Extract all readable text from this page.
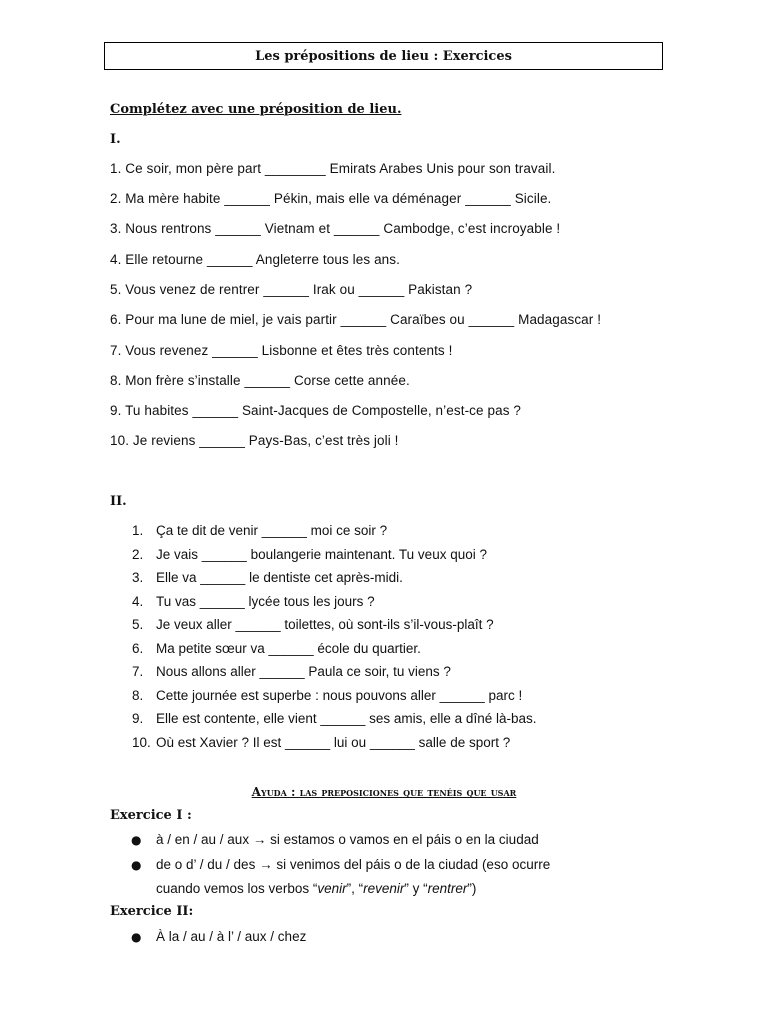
Les prépositions de lieu : Exercices
Complétez avec une préposition de lieu.
I.
1. Ce soir, mon père part ________ Emirats Arabes Unis pour son travail.
2. Ma mère habite ______ Pékin, mais elle va déménager ______ Sicile.
3. Nous rentrons ______ Vietnam et ______ Cambodge, c’est incroyable !
4. Elle retourne ______ Angleterre tous les ans.
5. Vous venez de rentrer ______ Irak ou ______ Pakistan ?
6. Pour ma lune de miel, je vais partir ______ Caraïbes ou ______ Madagascar !
7. Vous revenez ______ Lisbonne et êtes très contents !
8. Mon frère s’installe ______ Corse cette année.
9. Tu habites ______ Saint-Jacques de Compostelle, n’est-ce pas ?
10. Je reviens ______ Pays-Bas, c’est très joli !
II.
1. Ça te dit de venir ______ moi ce soir ?
2. Je vais ______ boulangerie maintenant. Tu veux quoi ?
3. Elle va ______ le dentiste cet après-midi.
4. Tu vas ______ lycée tous les jours ?
5. Je veux aller ______ toilettes, où sont-ils s’il-vous-plaît ?
6. Ma petite sœur va ______ école du quartier.
7. Nous allons aller ______ Paula ce soir, tu viens ?
8. Cette journée est superbe : nous pouvons aller ______ parc !
9. Elle est contente, elle vient ______ ses amis, elle a dîné là-bas.
10. Où est Xavier ? Il est ______ lui ou ______ salle de sport ?
Ayuda : las preposiciones que tenéis que usar
Exercice I :
● à / en / au / aux → si estamos o vamos en el páis o en la ciudad
● de o d’ / du / des → si venimos del páis o de la ciudad (eso ocurre
cuando vemos los verbos “venir”, “revenir” y “rentrer”)
Exercice II:
● À la / au / à l’ / aux / chez
